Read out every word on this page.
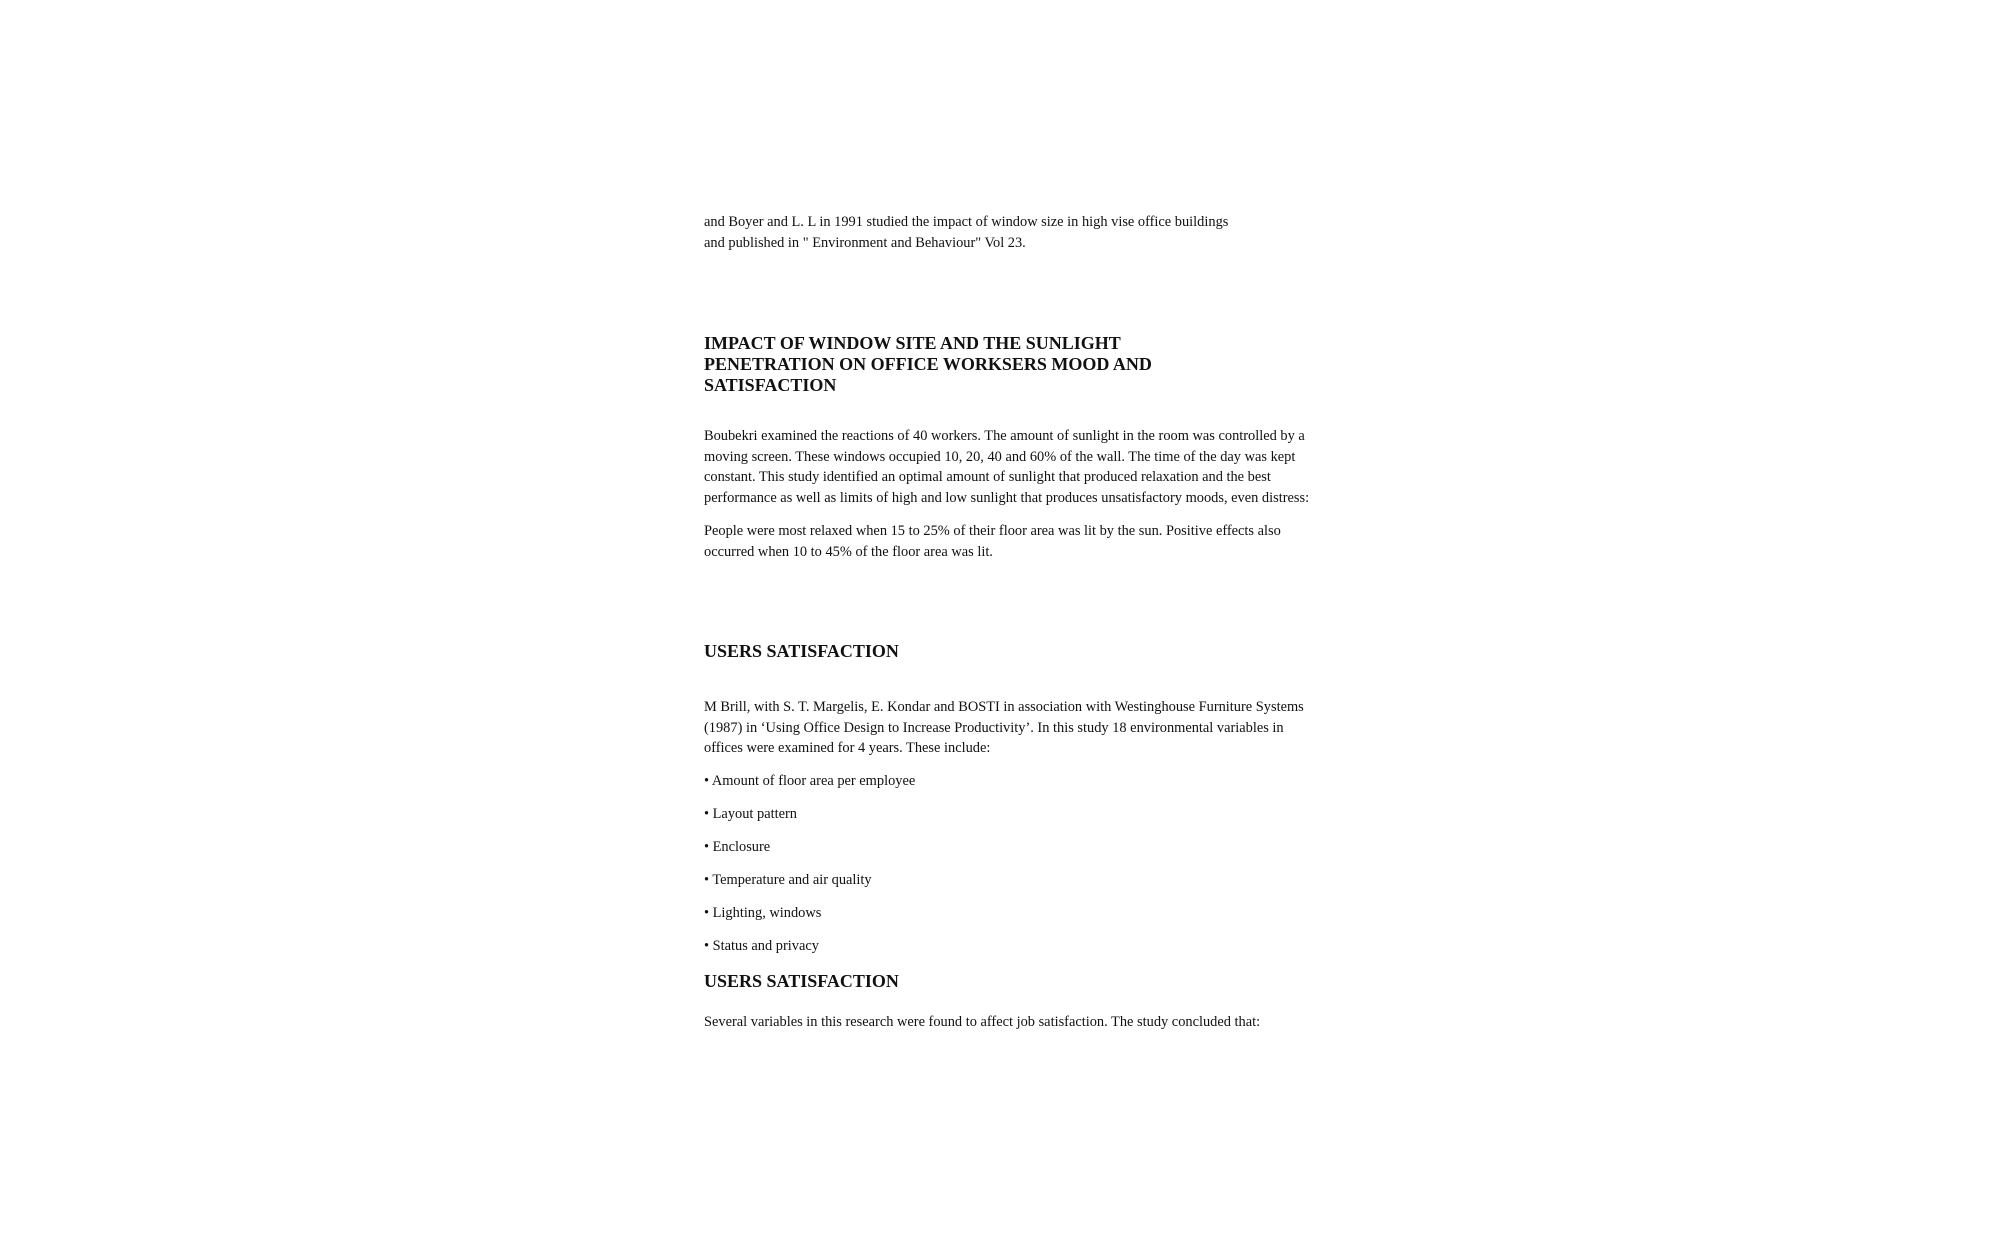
and Boyer and L. L in 1991 studied the impact of window size in high vise office buildings
and published in " Environment and Behaviour" Vol 23.

IMPACT OF WINDOW SITE AND THE SUNLIGHT
PENETRATION ON OFFICE WORKSERS MOOD AND
SATISFACTION

Boubekri examined the reactions of 40 workers. The amount of sunlight in the room was controlled by a
moving screen. These windows occupied 10, 20, 40 and 60% of the wall. The time of the day was kept
constant. This study identified an optimal amount of sunlight that produced relaxation and the best
performance as well as limits of high and low sunlight that produces unsatisfactory moods, even distress:

People were most relaxed when 15 to 25% of their floor area was lit by the sun. Positive effects also
occurred when 10 to 45% of the floor area was lit.

USERS SATISFACTION

M Brill, with S. T. Margelis, E. Kondar and BOSTI in association with Westinghouse Furniture Systems
(1987) in ‘Using Office Design to Increase Productivity’. In this study 18 environmental variables in
offices were examined for 4 years. These include:

• Amount of floor area per employee

• Layout pattern

• Enclosure

• Temperature and air quality

• Lighting, windows

• Status and privacy

USERS SATISFACTION

Several variables in this research were found to affect job satisfaction. The study concluded that:
